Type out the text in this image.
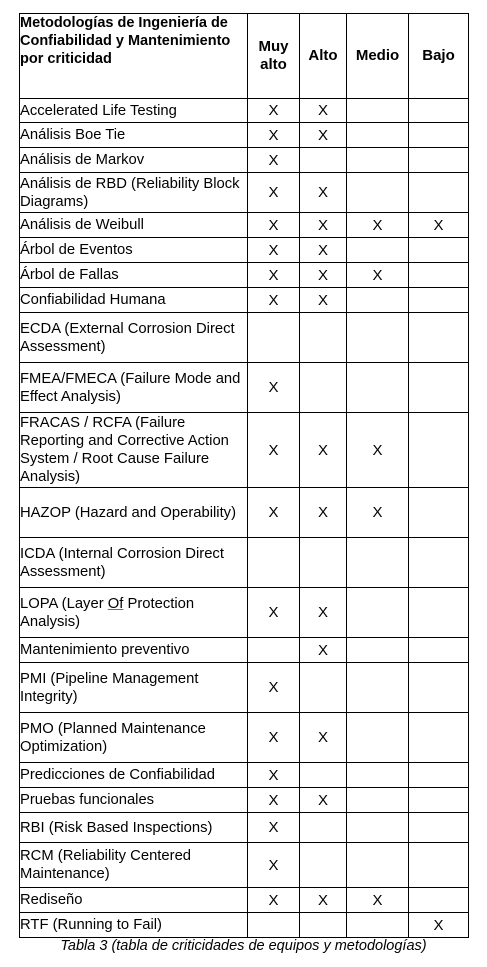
Metodologías de Ingeniería de Confiabilidad y Mantenimiento por criticidad	Muy alto	Alto	Medio	Bajo
Accelerated Life Testing	X	X		
Análisis Boe Tie	X	X		
Análisis de Markov	X			
Análisis de RBD (Reliability Block Diagrams)	X	X		
Análisis de Weibull	X	X	X	X
Árbol de Eventos	X	X		
Árbol de Fallas	X	X	X	
Confiabilidad Humana	X	X		
ECDA (External Corrosion Direct Assessment)				
FMEA/FMECA (Failure Mode and Effect Analysis)	X			
FRACAS / RCFA (Failure Reporting and Corrective Action System / Root Cause Failure Analysis)	X	X	X	
HAZOP (Hazard and Operability)	X	X	X	
ICDA (Internal Corrosion Direct Assessment)				
LOPA (Layer Of Protection Analysis)	X	X		
Mantenimiento preventivo		X		
PMI (Pipeline Management Integrity)	X			
PMO (Planned Maintenance Optimization)	X	X		
Predicciones de Confiabilidad	X			
Pruebas funcionales	X	X		
RBI (Risk Based Inspections)	X			
RCM (Reliability Centered Maintenance)	X			
Rediseño	X	X	X	
RTF (Running to Fail)				X
Tabla 3 (tabla de criticidades de equipos y metodologías)
